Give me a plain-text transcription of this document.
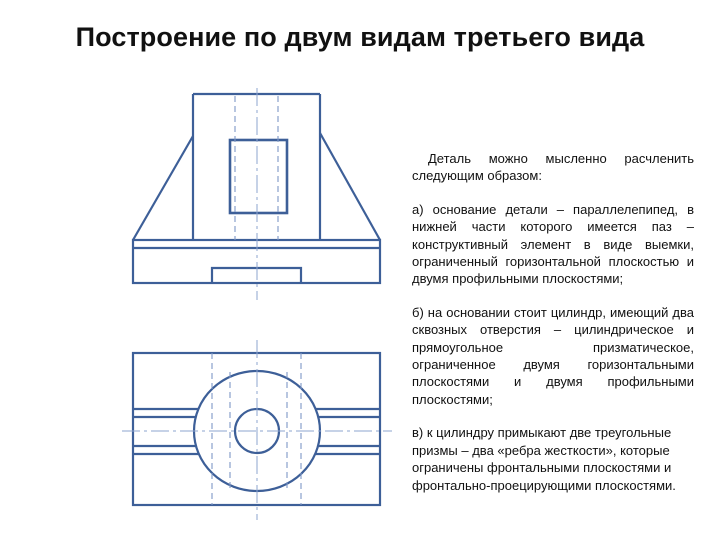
Построение по двум видам третьего вида

Деталь можно мысленно расчленить следующим образом:

а) основание детали – параллелепипед, в нижней части которого имеется паз – конструктивный элемент в виде выемки, ограниченный горизонтальной плоскостью и двумя профильными плоскостями;

б) на основании стоит цилиндр, имеющий два сквозных отверстия – цилиндрическое и прямоугольное призматическое, ограниченное двумя горизонтальными плоскостями и двумя профильными плоскостями;

в) к цилиндру примыкают две треугольные призмы – два «ребра жесткости», которые ограничены фронтальными плоскостями и фронтально-проецирующими плоскостями.
